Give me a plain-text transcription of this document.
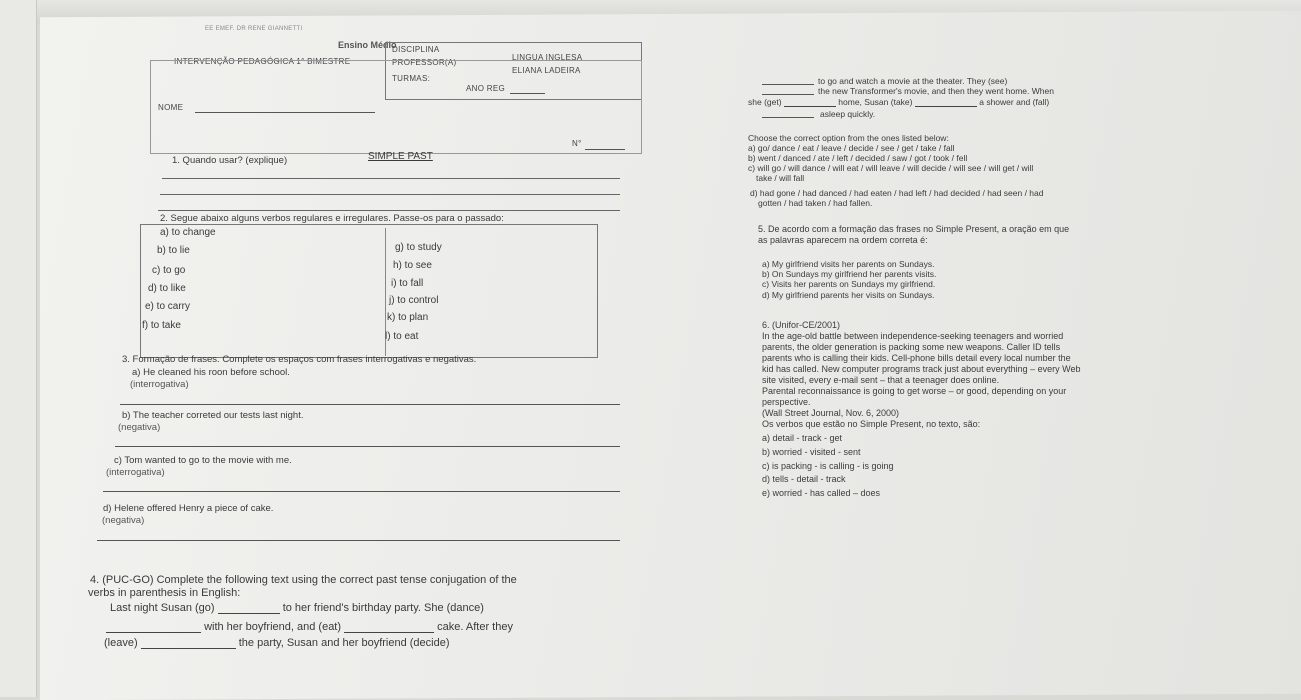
EE EMEF. DR RENE GIANNETTI
Ensino Médio
DISCIPLINA
LINGUA INGLESA
PROFESSOR(A)
ELIANA LADEIRA
INTERVENÇÃO PEDAGÓGICA 1° BIMESTRE
TURMAS:
ANO REG
NOME
N°
SIMPLE PAST
1. Quando usar? (explique)
2. Segue abaixo alguns verbos regulares e irregulares. Passe-os para o passado:
a) to change
b) to lie
c) to go
d) to like
e) to carry
f) to take
g) to study
h) to see
i) to fall
j) to control
k) to plan
l) to eat
3. Formação de frases. Complete os espaços com frases interrogativas e negativas.
a) He cleaned his roon before school.
(interrogativa)
b) The teacher correted our tests last night.
(negativa)
c) Tom wanted to go to the movie with me.
(interrogativa)
d) Helene offered Henry a piece of cake.
(negativa)
4. (PUC-GO) Complete the following text using the correct past tense conjugation of the
verbs in parenthesis in English:
Last night Susan (go)	to her friend's birthday party. She (dance)
with her boyfriend, and (eat)	cake. After they
(leave)	the party, Susan and her boyfriend (decide)
to go and watch a movie at the theater. They (see)
the new Transformer's movie, and then they went home. When
she (get)	home, Susan (take)	a shower and (fall)
asleep quickly.
Choose the correct option from the ones listed below:
a) go/ dance / eat / leave / decide / see / get / take / fall
b) went / danced / ate / left / decided / saw / got / took / fell
c) will go / will dance / will eat / will leave / will decide / will see / will get / will
take / will fall
d) had gone / had danced / had eaten / had left / had decided / had seen / had
gotten / had taken / had fallen.
5. De acordo com a formação das frases no Simple Present, a oração em que
as palavras aparecem na ordem correta é:
a) My girlfriend visits her parents on Sundays.
b) On Sundays my girlfriend her parents visits.
c) Visits her parents on Sundays my girlfriend.
d) My girlfriend parents her visits on Sundays.
6. (Unifor-CE/2001)
In the age-old battle between independence-seeking teenagers and worried
parents, the older generation is packing some new weapons. Caller ID tells
parents who is calling their kids. Cell-phone bills detail every local number the
kid has called. New computer programs track just about everything – every Web
site visited, every e-mail sent – that a teenager does online.
Parental reconnaissance is going to get worse – or good, depending on your
perspective.
(Wall Street Journal, Nov. 6, 2000)
Os verbos que estão no Simple Present, no texto, são:
a) detail - track - get
b) worried - visited - sent
c) is packing - is calling - is going
d) tells - detail - track
e) worried - has called – does
